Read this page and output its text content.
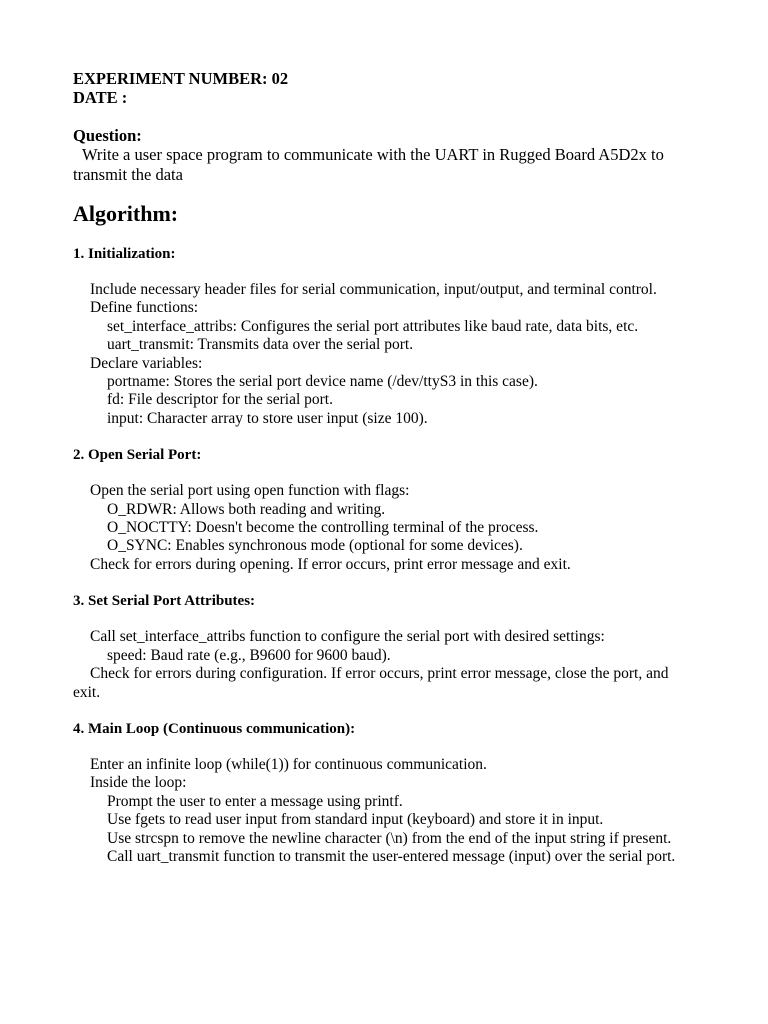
EXPERIMENT NUMBER: 02
DATE :
Question:
Write a user space program to communicate with the UART in Rugged Board A5D2x to transmit the data
Algorithm:
1. Initialization:
Include necessary header files for serial communication, input/output, and terminal control.
Define functions:
set_interface_attribs: Configures the serial port attributes like baud rate, data bits, etc.
uart_transmit: Transmits data over the serial port.
Declare variables:
portname: Stores the serial port device name (/dev/ttyS3 in this case).
fd: File descriptor for the serial port.
input: Character array to store user input (size 100).
2. Open Serial Port:
Open the serial port using open function with flags:
O_RDWR: Allows both reading and writing.
O_NOCTTY: Doesn't become the controlling terminal of the process.
O_SYNC: Enables synchronous mode (optional for some devices).
Check for errors during opening. If error occurs, print error message and exit.
3. Set Serial Port Attributes:
Call set_interface_attribs function to configure the serial port with desired settings:
speed: Baud rate (e.g., B9600 for 9600 baud).
Check for errors during configuration. If error occurs, print error message, close the port, and exit.
4. Main Loop (Continuous communication):
Enter an infinite loop (while(1)) for continuous communication.
Inside the loop:
Prompt the user to enter a message using printf.
Use fgets to read user input from standard input (keyboard) and store it in input.
Use strcspn to remove the newline character (\n) from the end of the input string if present.
Call uart_transmit function to transmit the user-entered message (input) over the serial port.
